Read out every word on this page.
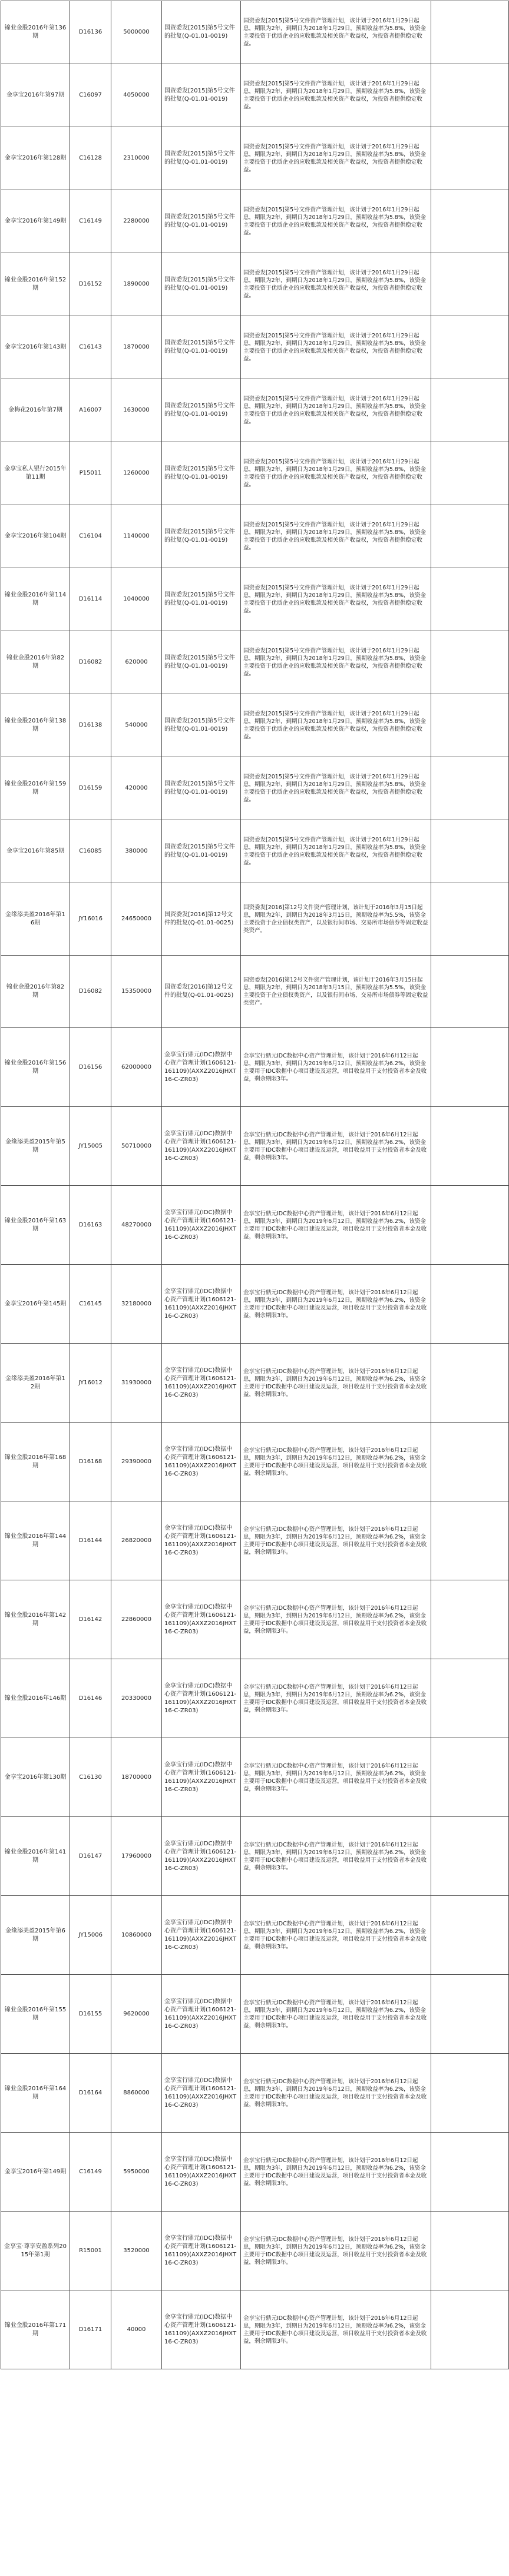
锦业金股2016年第136期	D16136	5000000	国资委发[2015]第5号文件的批复(Q-01.01-0019)	国资委发[2015]第5号文件资产管理计划，该计划于2016年1月29日起息，期限为2年，到期日为2018年1月29日，预期收益率为5.8%，该资金主要投资于优质企业的应收账款及相关资产收益权，为投资者提供稳定收益。	
金享宝2016年第97期	C16097	4050000	国资委发[2015]第5号文件的批复(Q-01.01-0019)	国资委发[2015]第5号文件资产管理计划，该计划于2016年1月29日起息，期限为2年，到期日为2018年1月29日，预期收益率为5.8%，该资金主要投资于优质企业的应收账款及相关资产收益权，为投资者提供稳定收益。	
金享宝2016年第128期	C16128	2310000	国资委发[2015]第5号文件的批复(Q-01.01-0019)	国资委发[2015]第5号文件资产管理计划，该计划于2016年1月29日起息，期限为2年，到期日为2018年1月29日，预期收益率为5.8%，该资金主要投资于优质企业的应收账款及相关资产收益权，为投资者提供稳定收益。	
金享宝2016年第149期	C16149	2280000	国资委发[2015]第5号文件的批复(Q-01.01-0019)	国资委发[2015]第5号文件资产管理计划，该计划于2016年1月29日起息，期限为2年，到期日为2018年1月29日，预期收益率为5.8%，该资金主要投资于优质企业的应收账款及相关资产收益权，为投资者提供稳定收益。	
锦业金股2016年第152期	D16152	1890000	国资委发[2015]第5号文件的批复(Q-01.01-0019)	国资委发[2015]第5号文件资产管理计划，该计划于2016年1月29日起息，期限为2年，到期日为2018年1月29日，预期收益率为5.8%，该资金主要投资于优质企业的应收账款及相关资产收益权，为投资者提供稳定收益。	
金享宝2016年第143期	C16143	1870000	国资委发[2015]第5号文件的批复(Q-01.01-0019)	国资委发[2015]第5号文件资产管理计划，该计划于2016年1月29日起息，期限为2年，到期日为2018年1月29日，预期收益率为5.8%，该资金主要投资于优质企业的应收账款及相关资产收益权，为投资者提供稳定收益。	
金梅花2016年第7期	A16007	1630000	国资委发[2015]第5号文件的批复(Q-01.01-0019)	国资委发[2015]第5号文件资产管理计划，该计划于2016年1月29日起息，期限为2年，到期日为2018年1月29日，预期收益率为5.8%，该资金主要投资于优质企业的应收账款及相关资产收益权，为投资者提供稳定收益。	
金享宝私人银行2015年第11期	P15011	1260000	国资委发[2015]第5号文件的批复(Q-01.01-0019)	国资委发[2015]第5号文件资产管理计划，该计划于2016年1月29日起息，期限为2年，到期日为2018年1月29日，预期收益率为5.8%，该资金主要投资于优质企业的应收账款及相关资产收益权，为投资者提供稳定收益。	
金享宝2016年第104期	C16104	1140000	国资委发[2015]第5号文件的批复(Q-01.01-0019)	国资委发[2015]第5号文件资产管理计划，该计划于2016年1月29日起息，期限为2年，到期日为2018年1月29日，预期收益率为5.8%，该资金主要投资于优质企业的应收账款及相关资产收益权，为投资者提供稳定收益。	
锦业金股2016年第114期	D16114	1040000	国资委发[2015]第5号文件的批复(Q-01.01-0019)	国资委发[2015]第5号文件资产管理计划，该计划于2016年1月29日起息，期限为2年，到期日为2018年1月29日，预期收益率为5.8%，该资金主要投资于优质企业的应收账款及相关资产收益权，为投资者提供稳定收益。	
锦业金股2016年第82期	D16082	620000	国资委发[2015]第5号文件的批复(Q-01.01-0019)	国资委发[2015]第5号文件资产管理计划，该计划于2016年1月29日起息，期限为2年，到期日为2018年1月29日，预期收益率为5.8%，该资金主要投资于优质企业的应收账款及相关资产收益权，为投资者提供稳定收益。	
锦业金股2016年第138期	D16138	540000	国资委发[2015]第5号文件的批复(Q-01.01-0019)	国资委发[2015]第5号文件资产管理计划，该计划于2016年1月29日起息，期限为2年，到期日为2018年1月29日，预期收益率为5.8%，该资金主要投资于优质企业的应收账款及相关资产收益权，为投资者提供稳定收益。	
锦业金股2016年第159期	D16159	420000	国资委发[2015]第5号文件的批复(Q-01.01-0019)	国资委发[2015]第5号文件资产管理计划，该计划于2016年1月29日起息，期限为2年，到期日为2018年1月29日，预期收益率为5.8%，该资金主要投资于优质企业的应收账款及相关资产收益权，为投资者提供稳定收益。	
金享宝2016年第85期	C16085	380000	国资委发[2015]第5号文件的批复(Q-01.01-0019)	国资委发[2015]第5号文件资产管理计划，该计划于2016年1月29日起息，期限为2年，到期日为2018年1月29日，预期收益率为5.8%，该资金主要投资于优质企业的应收账款及相关资产收益权，为投资者提供稳定收益。	
金缘添美盈2016年第16期	JY16016	24650000	国资委发[2016]第12号文件的批复(Q-01.01-0025)	国资委发[2016]第12号文件资产管理计划，该计划于2016年3月15日起息，期限为2年，到期日为2018年3月15日，预期收益率为5.5%，该资金主要投资于企业债权类资产，以及银行间市场、交易所市场债券等固定收益类资产。	
锦业金股2016年第82期	D16082	15350000	国资委发[2016]第12号文件的批复(Q-01.01-0025)	国资委发[2016]第12号文件资产管理计划，该计划于2016年3月15日起息，期限为2年，到期日为2018年3月15日，预期收益率为5.5%，该资金主要投资于企业债权类资产，以及银行间市场、交易所市场债券等固定收益类资产。	
锦业金股2016年第156期	D16156	62000000	金享宝行鼎元(IDC)数据中心资产管理计划(1606121-161109)(AXXZ2016JHXT16-C-ZR03)	金享宝行鼎元IDC数据中心资产管理计划，该计划于2016年6月12日起息，期限为3年，到期日为2019年6月12日，预期收益率为6.2%，该资金主要用于IDC数据中心项目建设及运营，项目收益用于支付投资者本金及收益，剩余期限3年。	
金缘添美盈2015年第5期	JY15005	50710000	金享宝行鼎元(IDC)数据中心资产管理计划(1606121-161109)(AXXZ2016JHXT16-C-ZR03)	金享宝行鼎元IDC数据中心资产管理计划，该计划于2016年6月12日起息，期限为3年，到期日为2019年6月12日，预期收益率为6.2%，该资金主要用于IDC数据中心项目建设及运营，项目收益用于支付投资者本金及收益，剩余期限3年。	
锦业金股2016年第163期	D16163	48270000	金享宝行鼎元(IDC)数据中心资产管理计划(1606121-161109)(AXXZ2016JHXT16-C-ZR03)	金享宝行鼎元IDC数据中心资产管理计划，该计划于2016年6月12日起息，期限为3年，到期日为2019年6月12日，预期收益率为6.2%，该资金主要用于IDC数据中心项目建设及运营，项目收益用于支付投资者本金及收益，剩余期限3年。	
金享宝2016年第145期	C16145	32180000	金享宝行鼎元(IDC)数据中心资产管理计划(1606121-161109)(AXXZ2016JHXT16-C-ZR03)	金享宝行鼎元IDC数据中心资产管理计划，该计划于2016年6月12日起息，期限为3年，到期日为2019年6月12日，预期收益率为6.2%，该资金主要用于IDC数据中心项目建设及运营，项目收益用于支付投资者本金及收益，剩余期限3年。	
金缘添美盈2016年第12期	JY16012	31930000	金享宝行鼎元(IDC)数据中心资产管理计划(1606121-161109)(AXXZ2016JHXT16-C-ZR03)	金享宝行鼎元IDC数据中心资产管理计划，该计划于2016年6月12日起息，期限为3年，到期日为2019年6月12日，预期收益率为6.2%，该资金主要用于IDC数据中心项目建设及运营，项目收益用于支付投资者本金及收益，剩余期限3年。	
锦业金股2016年第168期	D16168	29390000	金享宝行鼎元(IDC)数据中心资产管理计划(1606121-161109)(AXXZ2016JHXT16-C-ZR03)	金享宝行鼎元IDC数据中心资产管理计划，该计划于2016年6月12日起息，期限为3年，到期日为2019年6月12日，预期收益率为6.2%，该资金主要用于IDC数据中心项目建设及运营，项目收益用于支付投资者本金及收益，剩余期限3年。	
锦业金股2016年第144期	D16144	26820000	金享宝行鼎元(IDC)数据中心资产管理计划(1606121-161109)(AXXZ2016JHXT16-C-ZR03)	金享宝行鼎元IDC数据中心资产管理计划，该计划于2016年6月12日起息，期限为3年，到期日为2019年6月12日，预期收益率为6.2%，该资金主要用于IDC数据中心项目建设及运营，项目收益用于支付投资者本金及收益，剩余期限3年。	
锦业金股2016年第142期	D16142	22860000	金享宝行鼎元(IDC)数据中心资产管理计划(1606121-161109)(AXXZ2016JHXT16-C-ZR03)	金享宝行鼎元IDC数据中心资产管理计划，该计划于2016年6月12日起息，期限为3年，到期日为2019年6月12日，预期收益率为6.2%，该资金主要用于IDC数据中心项目建设及运营，项目收益用于支付投资者本金及收益，剩余期限3年。	
锦业金股2016年146期	D16146	20330000	金享宝行鼎元(IDC)数据中心资产管理计划(1606121-161109)(AXXZ2016JHXT16-C-ZR03)	金享宝行鼎元IDC数据中心资产管理计划，该计划于2016年6月12日起息，期限为3年，到期日为2019年6月12日，预期收益率为6.2%，该资金主要用于IDC数据中心项目建设及运营，项目收益用于支付投资者本金及收益，剩余期限3年。	
金享宝2016年第130期	C16130	18700000	金享宝行鼎元(IDC)数据中心资产管理计划(1606121-161109)(AXXZ2016JHXT16-C-ZR03)	金享宝行鼎元IDC数据中心资产管理计划，该计划于2016年6月12日起息，期限为3年，到期日为2019年6月12日，预期收益率为6.2%，该资金主要用于IDC数据中心项目建设及运营，项目收益用于支付投资者本金及收益，剩余期限3年。	
锦业金股2016年第141期	D16147	17960000	金享宝行鼎元(IDC)数据中心资产管理计划(1606121-161109)(AXXZ2016JHXT16-C-ZR03)	金享宝行鼎元IDC数据中心资产管理计划，该计划于2016年6月12日起息，期限为3年，到期日为2019年6月12日，预期收益率为6.2%，该资金主要用于IDC数据中心项目建设及运营，项目收益用于支付投资者本金及收益，剩余期限3年。	
金缘添美盈2015年第6期	JY15006	10860000	金享宝行鼎元(IDC)数据中心资产管理计划(1606121-161109)(AXXZ2016JHXT16-C-ZR03)	金享宝行鼎元IDC数据中心资产管理计划，该计划于2016年6月12日起息，期限为3年，到期日为2019年6月12日，预期收益率为6.2%，该资金主要用于IDC数据中心项目建设及运营，项目收益用于支付投资者本金及收益，剩余期限3年。	
锦业金股2016年第155期	D16155	9620000	金享宝行鼎元(IDC)数据中心资产管理计划(1606121-161109)(AXXZ2016JHXT16-C-ZR03)	金享宝行鼎元IDC数据中心资产管理计划，该计划于2016年6月12日起息，期限为3年，到期日为2019年6月12日，预期收益率为6.2%，该资金主要用于IDC数据中心项目建设及运营，项目收益用于支付投资者本金及收益，剩余期限3年。	
锦业金股2016年第164期	D16164	8860000	金享宝行鼎元(IDC)数据中心资产管理计划(1606121-161109)(AXXZ2016JHXT16-C-ZR03)	金享宝行鼎元IDC数据中心资产管理计划，该计划于2016年6月12日起息，期限为3年，到期日为2019年6月12日，预期收益率为6.2%，该资金主要用于IDC数据中心项目建设及运营，项目收益用于支付投资者本金及收益，剩余期限3年。	
金享宝2016年第149期	C16149	5950000	金享宝行鼎元(IDC)数据中心资产管理计划(1606121-161109)(AXXZ2016JHXT16-C-ZR03)	金享宝行鼎元IDC数据中心资产管理计划，该计划于2016年6月12日起息，期限为3年，到期日为2019年6月12日，预期收益率为6.2%，该资金主要用于IDC数据中心项目建设及运营，项目收益用于支付投资者本金及收益，剩余期限3年。	
金享宝·尊享安盈系列2015年第1期	R15001	3520000	金享宝行鼎元(IDC)数据中心资产管理计划(1606121-161109)(AXXZ2016JHXT16-C-ZR03)	金享宝行鼎元IDC数据中心资产管理计划，该计划于2016年6月12日起息，期限为3年，到期日为2019年6月12日，预期收益率为6.2%，该资金主要用于IDC数据中心项目建设及运营，项目收益用于支付投资者本金及收益，剩余期限3年。	
锦业金股2016年第171期	D16171	40000	金享宝行鼎元(IDC)数据中心资产管理计划(1606121-161109)(AXXZ2016JHXT16-C-ZR03)	金享宝行鼎元IDC数据中心资产管理计划，该计划于2016年6月12日起息，期限为3年，到期日为2019年6月12日，预期收益率为6.2%，该资金主要用于IDC数据中心项目建设及运营，项目收益用于支付投资者本金及收益，剩余期限3年。	
